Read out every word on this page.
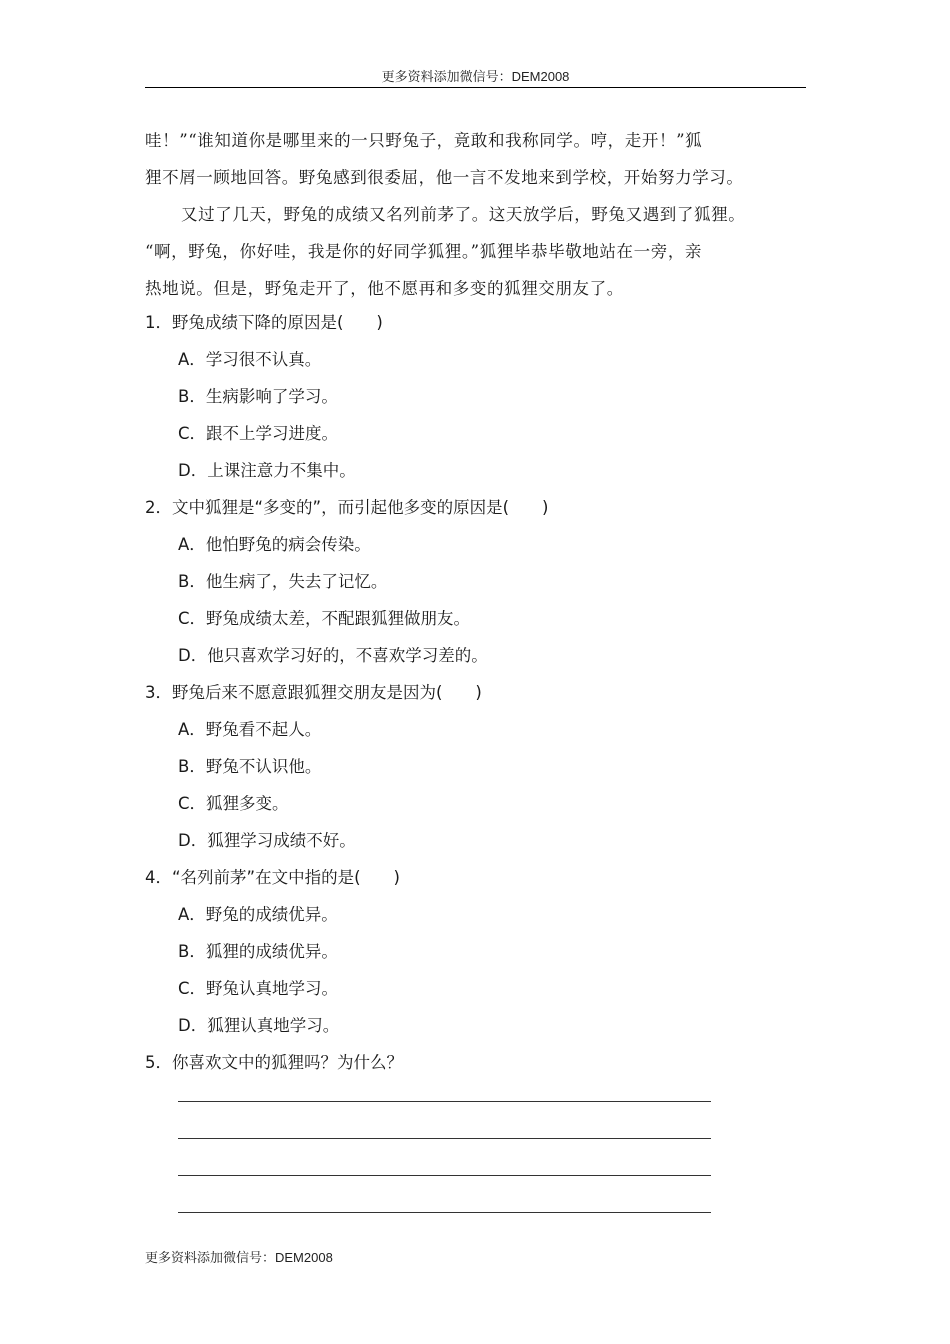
更多资料添加微信号：DEM2008

哇！”“谁知道你是哪里来的一只野兔子，竟敢和我称同学。哼，走开！”狐

狸不屑一顾地回答。野兔感到很委屈，他一言不发地来到学校，开始努力学习。

又过了几天，野兔的成绩又名列前茅了。这天放学后，野兔又遇到了狐狸。

“啊，野兔，你好哇，我是你的好同学狐狸。”狐狸毕恭毕敬地站在一旁，亲

热地说。但是，野兔走开了，他不愿再和多变的狐狸交朋友了。

1．野兔成绩下降的原因是(　　)
A．学习很不认真。
B．生病影响了学习。
C．跟不上学习进度。
D．上课注意力不集中。
2．文中狐狸是“多变的”，而引起他多变的原因是(　　)
A．他怕野兔的病会传染。
B．他生病了，失去了记忆。
C．野兔成绩太差，不配跟狐狸做朋友。
D．他只喜欢学习好的，不喜欢学习差的。
3．野兔后来不愿意跟狐狸交朋友是因为(　　)
A．野兔看不起人。
B．野兔不认识他。
C．狐狸多变。
D．狐狸学习成绩不好。
4．“名列前茅”在文中指的是(　　)
A．野兔的成绩优异。
B．狐狸的成绩优异。
C．野兔认真地学习。
D．狐狸认真地学习。
5．你喜欢文中的狐狸吗？为什么？
更多资料添加微信号：DEM2008
